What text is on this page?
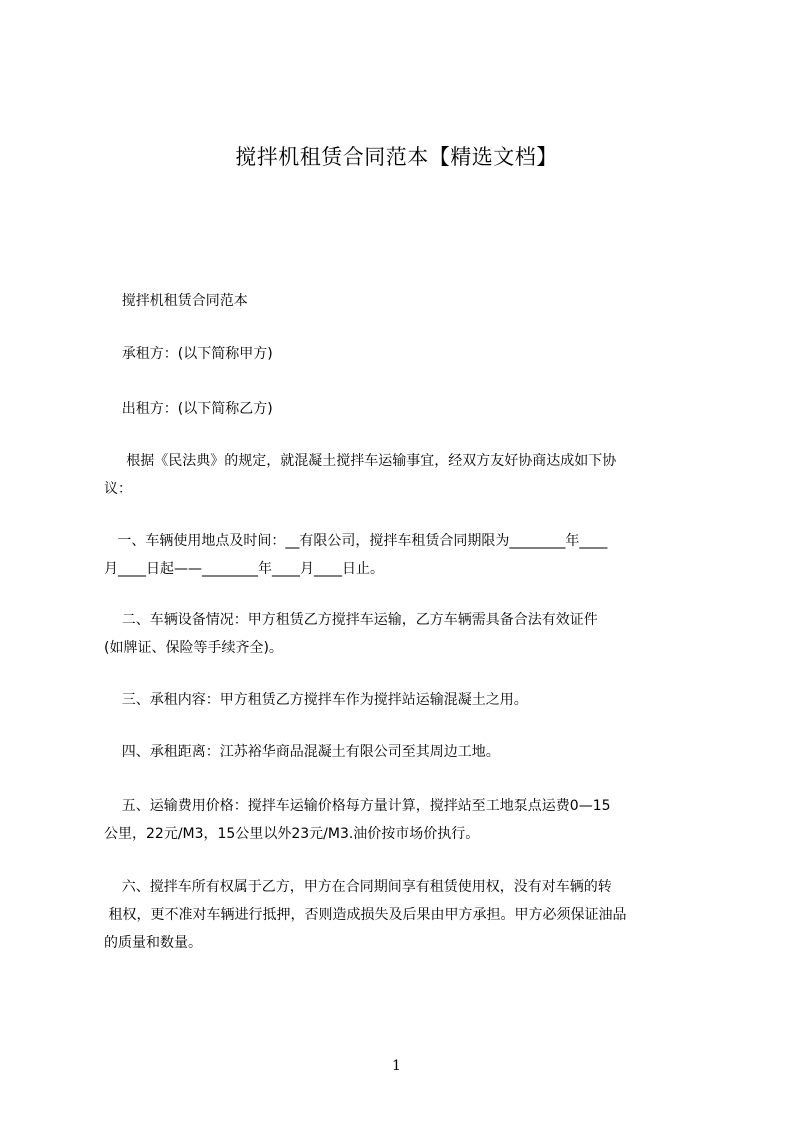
搅拌机租赁合同范本【精选文档】
搅拌机租赁合同范本
承租方：(以下简称甲方)
出租方：(以下简称乙方)
根据《民法典》的规定，就混凝土搅拌车运输事宜，经双方友好协商达成如下协
议：
一、车辆使用地点及时间：__有限公司，搅拌车租赁合同期限为________年____
月____日起——________年____月____日止。
二、车辆设备情况：甲方租赁乙方搅拌车运输，乙方车辆需具备合法有效证件
(如牌证、保险等手续齐全)。
三、承租内容：甲方租赁乙方搅拌车作为搅拌站运输混凝土之用。
四、承租距离：江苏裕华商品混凝土有限公司至其周边工地。
五、运输费用价格：搅拌车运输价格每方量计算，搅拌站至工地泵点运费0—15
公里，22元/M3，15公里以外23元/M3.油价按市场价执行。
六、搅拌车所有权属于乙方，甲方在合同期间享有租赁使用权，没有对车辆的转
租权，更不准对车辆进行抵押，否则造成损失及后果由甲方承担。甲方必须保证油品
的质量和数量。
1
